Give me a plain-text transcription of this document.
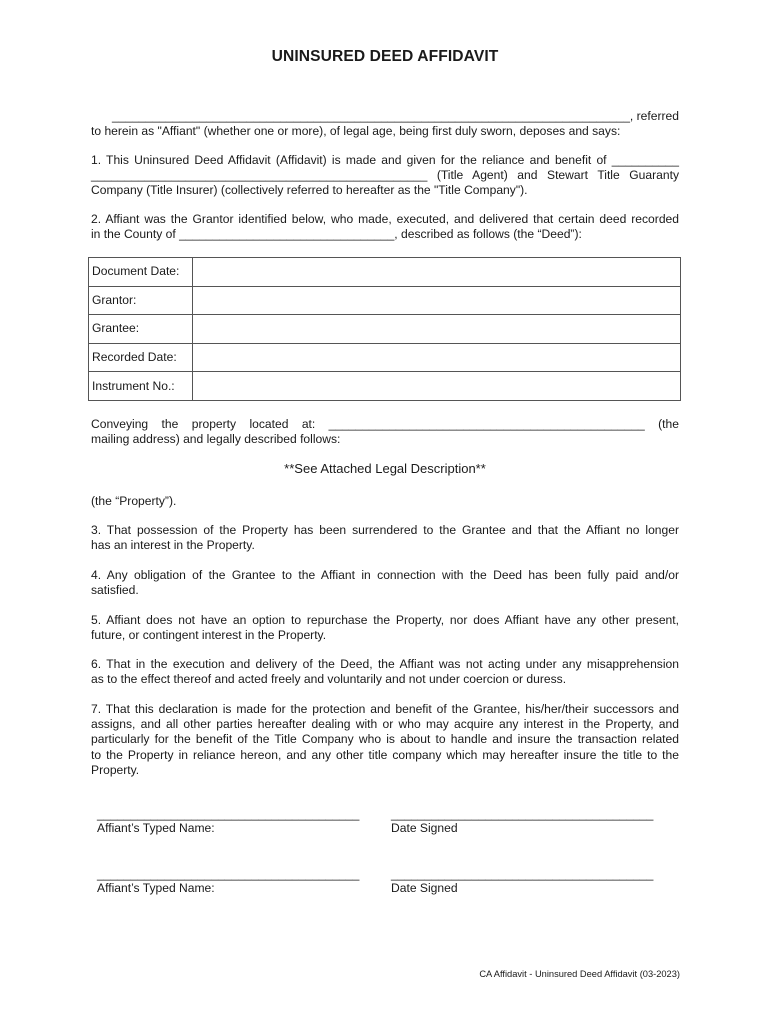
UNINSURED DEED AFFIDAVIT
_____________________________________________________________________________, referred
to herein as "Affiant" (whether one or more), of legal age, being first duly sworn, deposes and says:
1. This Uninsured Deed Affidavit (Affidavit) is made and given for the reliance and benefit of __________
__________________________________________________ (Title Agent) and Stewart Title Guaranty
Company (Title Insurer) (collectively referred to hereafter as the "Title Company").
2. Affiant was the Grantor identified below, who made, executed, and delivered that certain deed recorded
in the County of ________________________________, described as follows (the “Deed”):
Document Date:	
Grantor:	
Grantee:	
Recorded Date:	
Instrument No.:	
Conveying the property located at: _______________________________________________ (the
mailing address) and legally described follows:
**See Attached Legal Description**
(the “Property”).
3. That possession of the Property has been surrendered to the Grantee and that the Affiant no longer
has an interest in the Property.
4. Any obligation of the Grantee to the Affiant in connection with the Deed has been fully paid and/or
satisfied.
5. Affiant does not have an option to repurchase the Property, nor does Affiant have any other present,
future, or contingent interest in the Property.
6. That in the execution and delivery of the Deed, the Affiant was not acting under any misapprehension
as to the effect thereof and acted freely and voluntarily and not under coercion or duress.
7. That this declaration is made for the protection and benefit of the Grantee, his/her/their successors and
assigns, and all other parties hereafter dealing with or who may acquire any interest in the Property, and
particularly for the benefit of the Title Company who is about to handle and insure the transaction related
to the Property in reliance hereon, and any other title company which may hereafter insure the title to the
Property.
_______________________________________
Affiant’s Typed Name:
_______________________________________
Date Signed
_______________________________________
Affiant’s Typed Name:
_______________________________________
Date Signed
CA Affidavit - Uninsured Deed Affidavit (03-2023)
